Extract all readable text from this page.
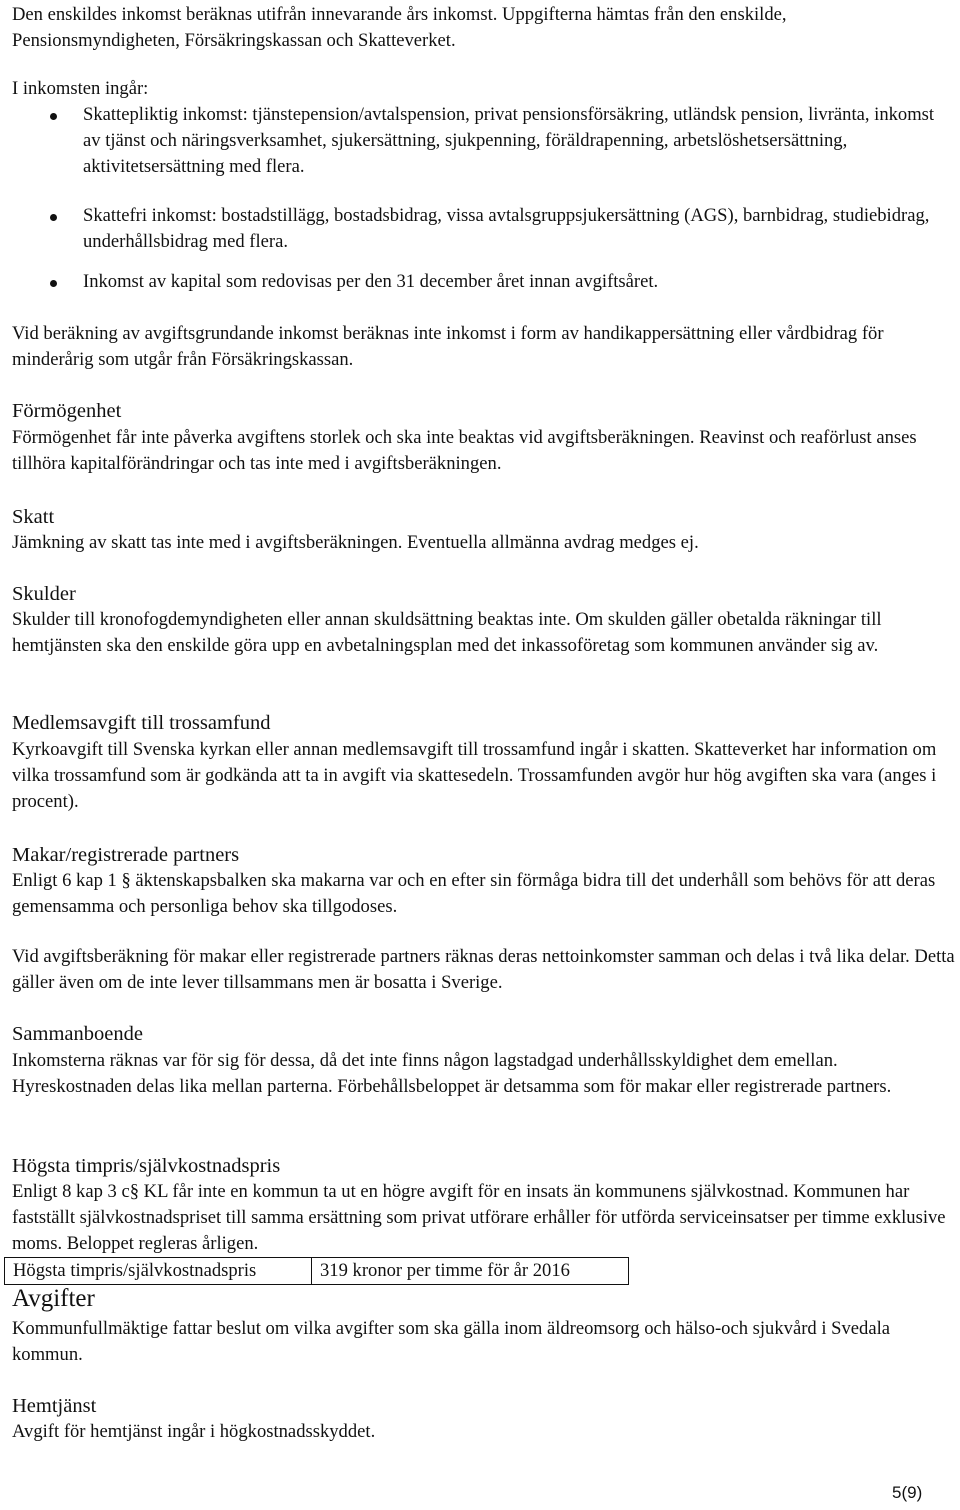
Den enskildes inkomst beräknas utifrån innevarande års inkomst. Uppgifterna hämtas från den enskilde, Pensionsmyndigheten, Försäkringskassan och Skatteverket.

I inkomsten ingår:

Skattepliktig inkomst: tjänstepension/avtalspension, privat pensionsförsäkring, utländsk pension, livränta, inkomst av tjänst och näringsverksamhet, sjukersättning, sjukpenning, föräldrapenning, arbetslöshetsersättning, aktivitetsersättning med flera.

Skattefri inkomst: bostadstillägg, bostadsbidrag, vissa avtalsgruppsjukersättning (AGS), barnbidrag, studiebidrag, underhållsbidrag med flera.

Inkomst av kapital som redovisas per den 31 december året innan avgiftsåret.

Vid beräkning av avgiftsgrundande inkomst beräknas inte inkomst i form av handikappersättning eller vårdbidrag för minderårig som utgår från Försäkringskassan.

Förmögenhet

Förmögenhet får inte påverka avgiftens storlek och ska inte beaktas vid avgiftsberäkningen. Reavinst och reaförlust anses tillhöra kapitalförändringar och tas inte med i avgiftsberäkningen.

Skatt

Jämkning av skatt tas inte med i avgiftsberäkningen. Eventuella allmänna avdrag medges ej.

Skulder

Skulder till kronofogdemyndigheten eller annan skuldsättning beaktas inte. Om skulden gäller obetalda räkningar till hemtjänsten ska den enskilde göra upp en avbetalningsplan med det inkassoföretag som kommunen använder sig av.

Medlemsavgift till trossamfund

Kyrkoavgift till Svenska kyrkan eller annan medlemsavgift till trossamfund ingår i skatten. Skatteverket har information om vilka trossamfund som är godkända att ta in avgift via skattesedeln. Trossamfunden avgör hur hög avgiften ska vara (anges i procent).

Makar/registrerade partners

Enligt 6 kap 1 § äktenskapsbalken ska makarna var och en efter sin förmåga bidra till det underhåll som behövs för att deras gemensamma och personliga behov ska tillgodoses.

Vid avgiftsberäkning för makar eller registrerade partners räknas deras nettoinkomster samman och delas i två lika delar. Detta gäller även om de inte lever tillsammans men är bosatta i Sverige.

Sammanboende

Inkomsterna räknas var för sig för dessa, då det inte finns någon lagstadgad underhållsskyldighet dem emellan. Hyreskostnaden delas lika mellan parterna. Förbehållsbeloppet är detsamma som för makar eller registrerade partners.

Högsta timpris/självkostnadspris

Enligt 8 kap 3 c§ KL får inte en kommun ta ut en högre avgift för en insats än kommunens självkostnad. Kommunen har fastställt självkostnadspriset till samma ersättning som privat utförare erhåller för utförda serviceinsatser per timme exklusive moms. Beloppet regleras årligen.

Högsta timpris/självkostnadspris	319 kronor per timme för år 2016
Avgifter

Kommunfullmäktige fattar beslut om vilka avgifter som ska gälla inom äldreomsorg och hälso-och sjukvård i Svedala kommun.

Hemtjänst

Avgift för hemtjänst ingår i högkostnadsskyddet.

5(9)
